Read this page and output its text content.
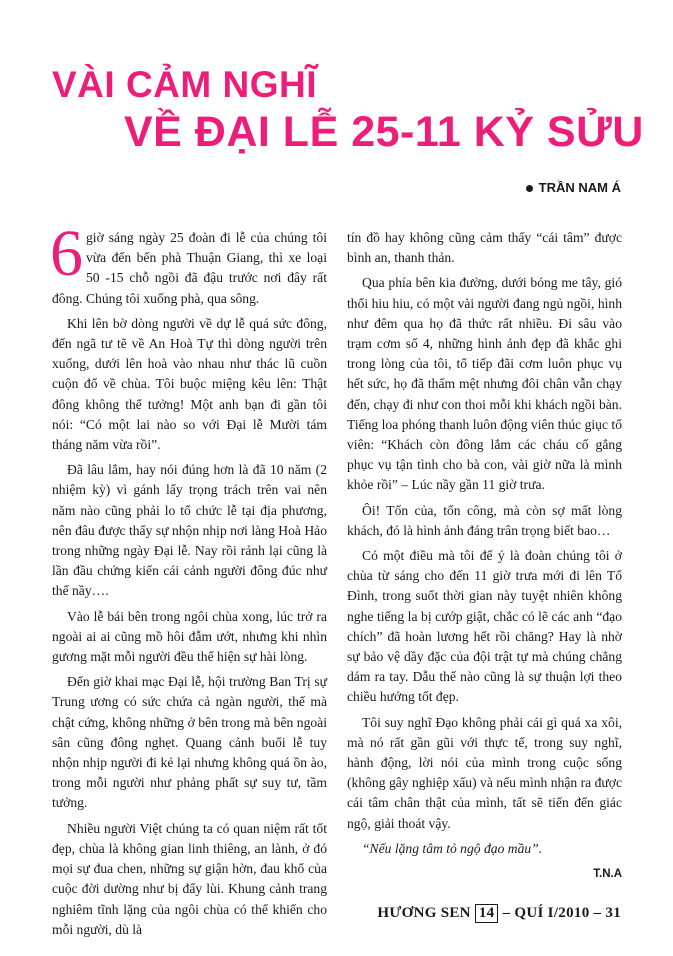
VÀI CẢM NGHĨ
VỀ ĐẠI LỄ 25-11 KỶ SỬU
TRẦN NAM Á

6 giờ sáng ngày 25 đoàn đi lễ của chúng tôi vừa đến bến phà Thuận Giang, thì xe loại 50 -15 chỗ ngồi đã đậu trước nơi đây rất đông. Chúng tôi xuống phà, qua sông.

Khi lên bờ dòng người về dự lễ quá sức đông, đến ngã tư tẽ về An Hoà Tự thì dòng người trên xuống, dưới lên hoà vào nhau như thác lũ cuồn cuộn đổ về chùa. Tôi buộc miệng kêu lên: Thật đông không thể tưởng! Một anh bạn đi gần tôi nói: “Có một lai nào so với Đại lễ Mười tám tháng năm vừa rồi”.

Đã lâu lắm, hay nói đúng hơn là đã 10 năm (2 nhiệm kỳ) vì gánh lấy trọng trách trên vai nên năm nào cũng phải lo tổ chức lễ tại địa phương, nên đâu được thấy sự nhộn nhịp nơi làng Hoà Hảo trong những ngày Đại lễ. Nay rồi rảnh lại cũng là lần đầu chứng kiến cái cảnh người đông đúc như thế nầy….

Vào lễ bái bên trong ngôi chùa xong, lúc trở ra ngoài ai ai cũng mồ hôi đẫm ướt, nhưng khi nhìn gương mặt mỗi người đều thể hiện sự hài lòng.

Đến giờ khai mạc Đại lễ, hội trường Ban Trị sự Trung ương có sức chứa cả ngàn người, thế mà chật cứng, không những ở bên trong mà bên ngoài sân cũng đông nghẹt. Quang cảnh buổi lễ tuy nhộn nhịp người đi kẻ lại nhưng không quá ồn ào, trong mỗi người như phảng phất sự suy tư, tầm tưởng.

Nhiều người Việt chúng ta có quan niệm rất tốt đẹp, chùa là không gian linh thiêng, an lành, ở đó mọi sự đua chen, những sự giận hờn, đau khổ của cuộc đời dường như bị đẩy lùi. Khung cảnh trang nghiêm tĩnh lặng của ngôi chùa có thể khiến cho mỗi người, dù là

tín đồ hay không cũng cảm thấy “cái tâm” được bình an, thanh thản.

Qua phía bên kia đường, dưới bóng me tây, gió thổi hiu hiu, có một vài người đang ngủ ngồi, hình như đêm qua họ đã thức rất nhiều. Đi sâu vào trạm cơm số 4, những hình ảnh đẹp đã khắc ghi trong lòng của tôi, tổ tiếp đãi cơm luôn phục vụ hết sức, họ đã thấm mệt nhưng đôi chân vẫn chạy đến, chạy đi như con thoi mỗi khi khách ngồi bàn. Tiếng loa phóng thanh luôn động viên thúc giục tổ viên: “Khách còn đông lắm các cháu cố gắng phục vụ tận tình cho bà con, vài giờ nữa là mình khỏe rồi” – Lúc nầy gần 11 giờ trưa.

Ôi! Tốn của, tốn công, mà còn sợ mất lòng khách, đó là hình ảnh đáng trân trọng biết bao…

Có một điều mà tôi để ý là đoàn chúng tôi ở chùa từ sáng cho đến 11 giờ trưa mới đi lên Tổ Đình, trong suốt thời gian này tuyệt nhiên không nghe tiếng la bị cướp giật, chắc có lẽ các anh “đạo chích” đã hoàn lương hết rồi chăng? Hay là nhờ sự bảo vệ dầy đặc của đội trật tự mà chúng chẳng dám ra tay. Dẫu thế nào cũng là sự thuận lợi theo chiều hướng tốt đẹp.

Tôi suy nghĩ Đạo không phải cái gì quá xa xôi, mà nó rất gần gũi với thực tế, trong suy nghĩ, hành động, lời nói của mình trong cuộc sống (không gây nghiệp xấu) và nếu mình nhận ra được cái tâm chân thật của mình, tất sẽ tiến đến giác ngộ, giải thoát vậy.

“Nếu lặng tâm tỏ ngộ đạo mầu”.

T.N.A
HƯƠNG SEN 14 – QUÍ I/2010 – 31
